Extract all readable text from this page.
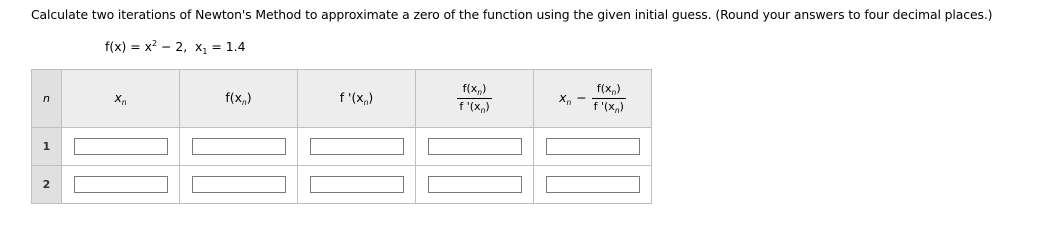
Calculate two iterations of Newton's Method to approximate a zero of the function using the given initial guess. (Round your answers to four decimal places.)
$f(x) = x^2 - 2$, $x_1 = 1.4$
n	$x_n$	$f(x_n)$	f '$(x_n)$	$\frac{f(x_n)}{f '(x_n)}$	$x_n - \frac{f(x_n)}{f '(x_n)}$

1	

2	
